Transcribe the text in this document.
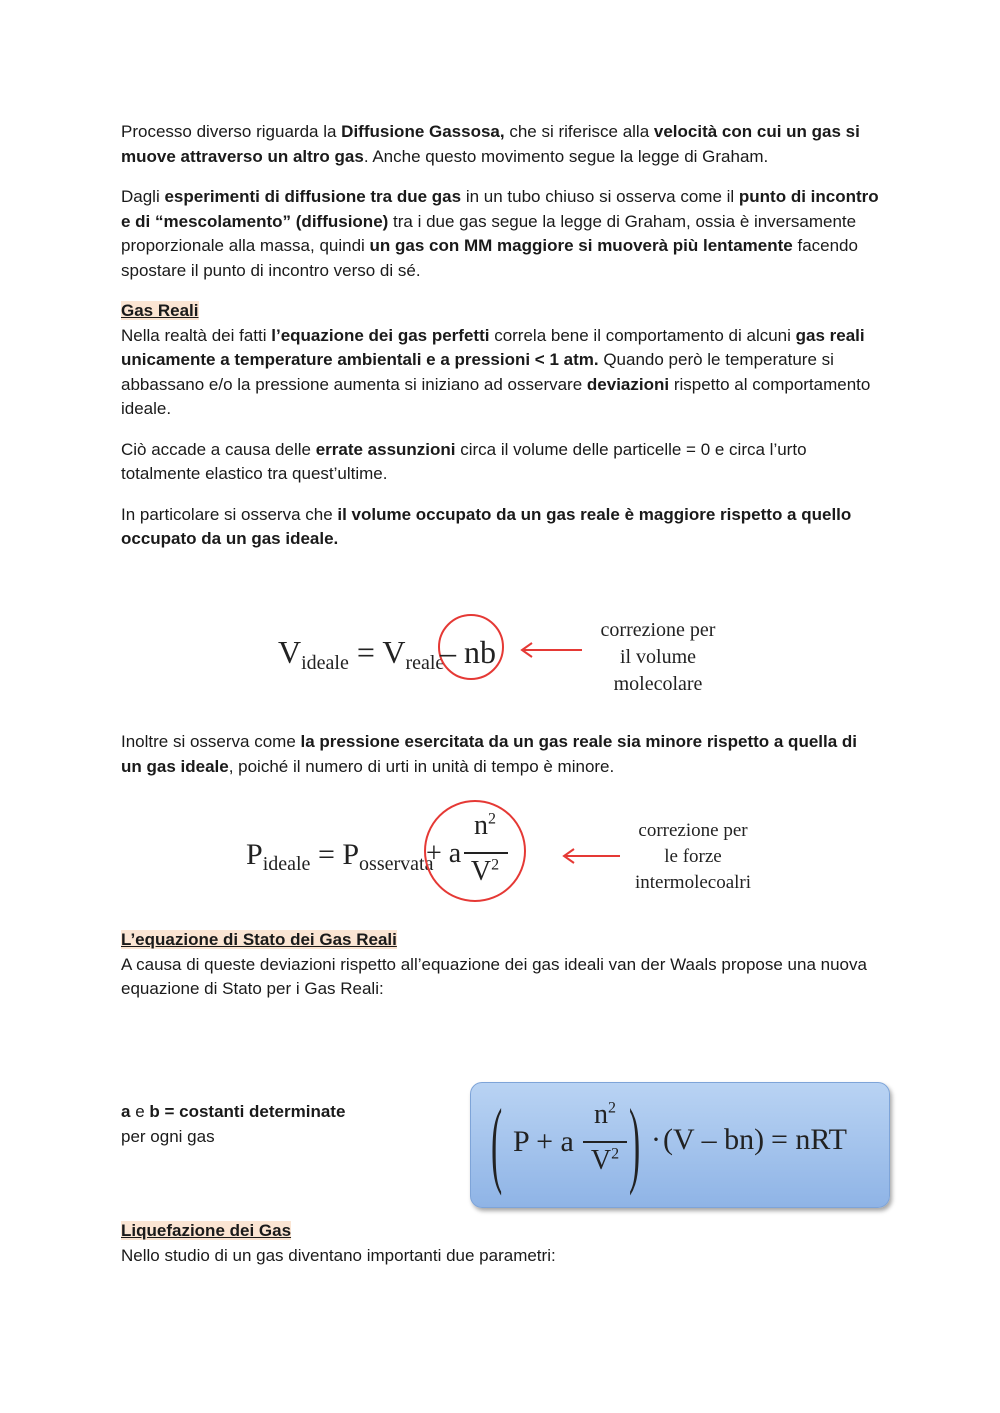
Processo diverso riguarda la Diffusione Gassosa, che si riferisce alla velocità con cui un gas si muove attraverso un altro gas. Anche questo movimento segue la legge di Graham.

Dagli esperimenti di diffusione tra due gas in un tubo chiuso si osserva come il punto di incontro e di “mescolamento” (diffusione) tra i due gas segue la legge di Graham, ossia è inversamente proporzionale alla massa, quindi un gas con MM maggiore si muoverà più lentamente facendo spostare il punto di incontro verso di sé.

Gas Reali

Nella realtà dei fatti l’equazione dei gas perfetti correla bene il comportamento di alcuni gas reali unicamente a temperature ambientali e a pressioni < 1 atm. Quando però le temperature si abbassano e/o la pressione aumenta si iniziano ad osservare deviazioni rispetto al comportamento ideale.

Ciò accade a causa delle errate assunzioni circa il volume delle particelle = 0 e circa l’urto totalmente elastico tra quest’ultime.

In particolare si osserva che il volume occupato da un gas reale è maggiore rispetto a quello occupato da un gas ideale.

$V_{ideale} = V_{reale}$
– nb
correzione per
il volume
molecolare
Inoltre si osserva come la pressione esercitata da un gas reale sia minore rispetto a quella di un gas ideale, poiché il numero di urti in unità di tempo è minore.
$P_{ideale} = P_{osservata}$
+ a
$n^2$
$V^2$
correzione per
le forze
intermolecoalri
L’equazione di Stato dei Gas Reali

A causa di queste deviazioni rispetto all’equazione dei gas ideali van der Waals propose una nuova equazione di Stato per i Gas Reali:

a e b = costanti determinate
per ogni gas	( P + a
$n^2$
$V^2$ ) · (V – bn) = nRT
Liquefazione dei Gas

Nello studio di un gas diventano importanti due parametri:
